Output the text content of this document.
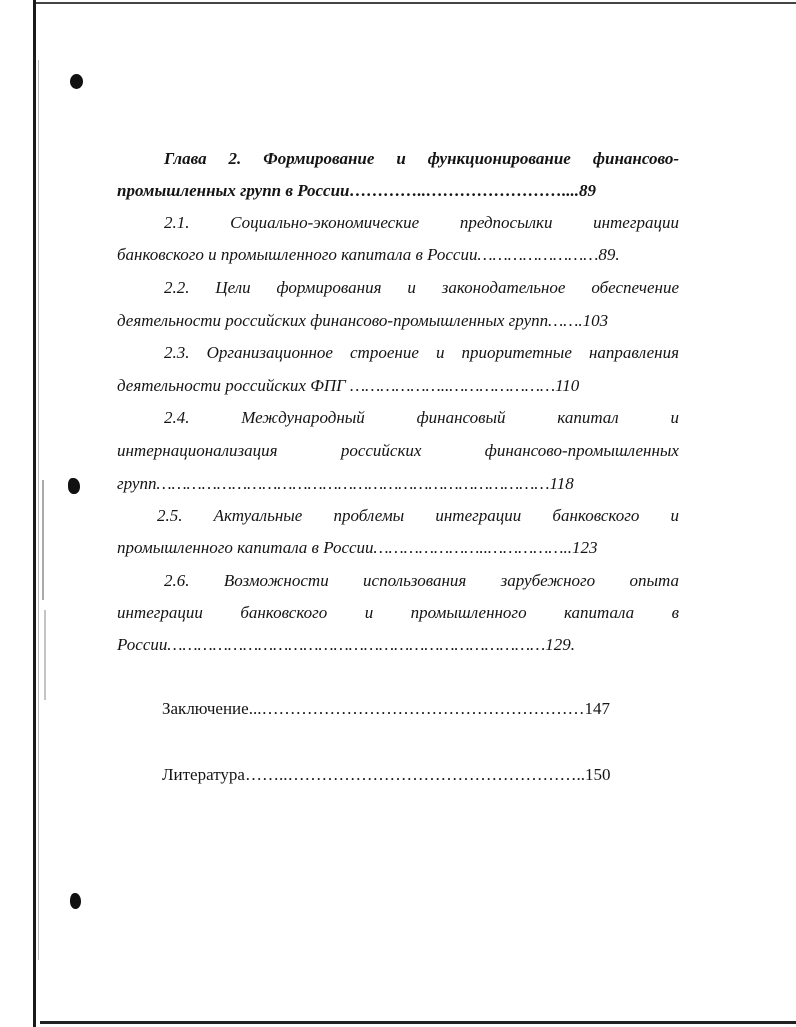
Глава 2. Формирование и функционирование финансово-
промышленных групп в России…………..……………………....89
2.1. Социально-экономические предпосылки интеграции
банковского и промышленного капитала в России……………………89.
2.2. Цели формирования и законодательное обеспечение
деятельности российских финансово-промышленных групп…….103
2.3. Организационное строение и приоритетные направления
деятельности российских ФПГ ………………..…………………110
2.4.	Международный	финансовый	капитал	и
интернационализация	российских	финансово-промышленных
групп……………………………………………………………………118
2.5. Актуальные проблемы интеграции банковского и
промышленного капитала в России…………………..……………..123
2.6. Возможности использования зарубежного опыта
интеграции банковского и промышленного капитала в
России…………………………………………………………………129.
Заключение...…………………………………………………147
Литература……..……………………………………………..150
